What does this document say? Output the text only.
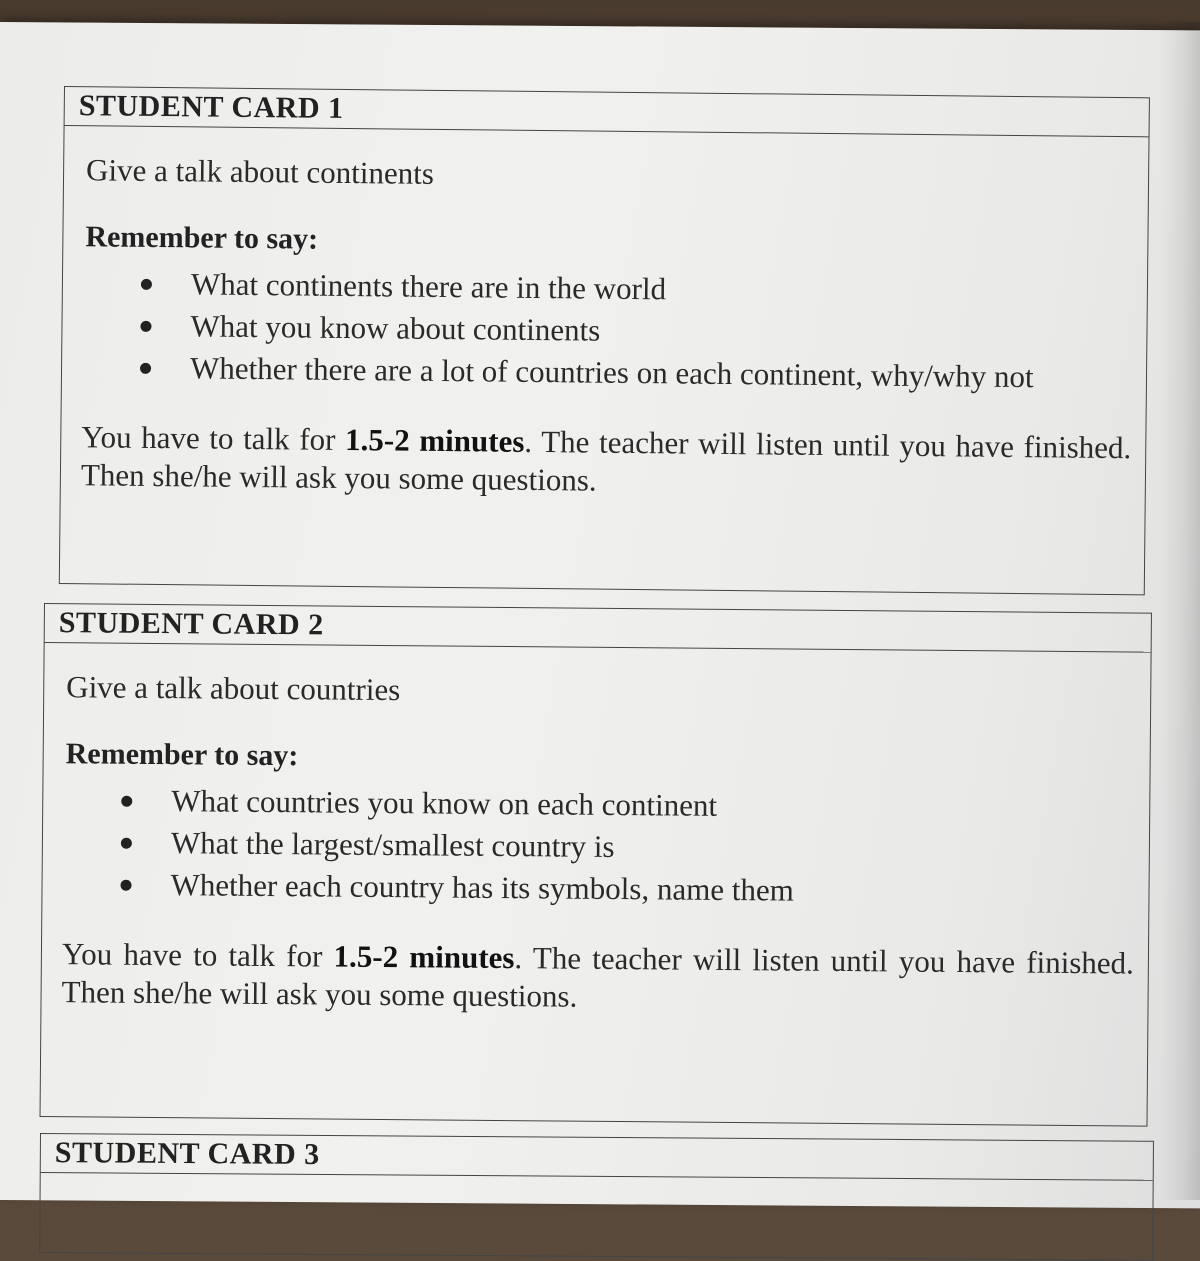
STUDENT CARD 1
Give a talk about continents
Remember to say:
What continents there are in the world
What you know about continents
Whether there are a lot of countries on each continent, why/why not
You have to talk for 1.5-2 minutes. The teacher will listen until you have finished. Then she/he will ask you some questions.
STUDENT CARD 2
Give a talk about countries
Remember to say:
What countries you know on each continent
What the largest/smallest country is
Whether each country has its symbols, name them
You have to talk for 1.5-2 minutes. The teacher will listen until you have finished. Then she/he will ask you some questions.
STUDENT CARD 3
